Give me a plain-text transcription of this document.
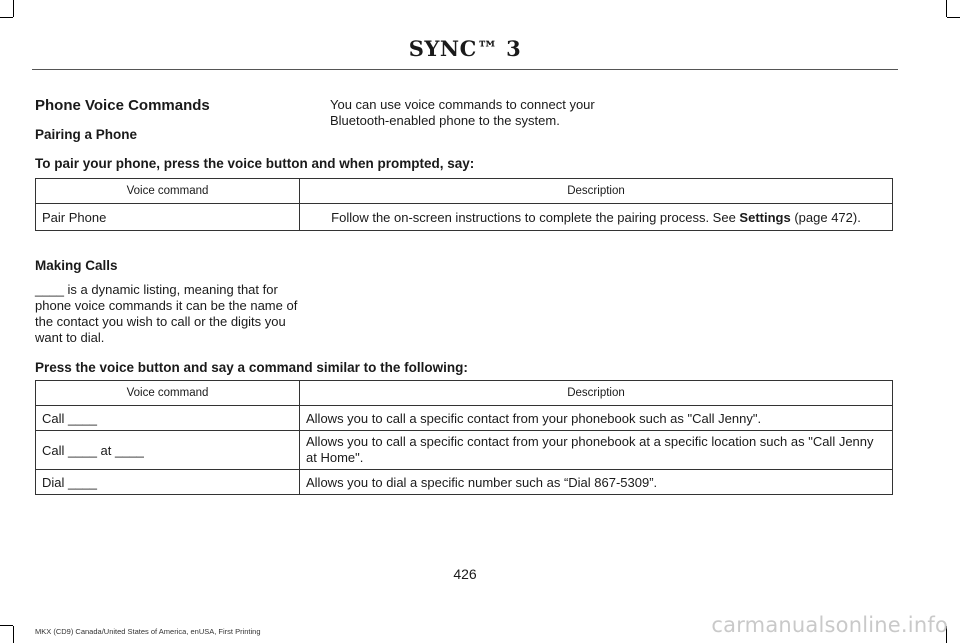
SYNC™ 3
Phone Voice Commands
Pairing a Phone
You can use voice commands to connect your Bluetooth-enabled phone to the system.
To pair your phone, press the voice button and when prompted, say:
Voice command	Description
Pair Phone	Follow the on-screen instructions to complete the pairing process. See Settings (page 472).
Making Calls
____ is a dynamic listing, meaning that for phone voice commands it can be the name of the contact you wish to call or the digits you want to dial.
Press the voice button and say a command similar to the following:
Voice command	Description
Call ____	Allows you to call a specific contact from your phonebook such as "Call Jenny".
Call ____ at ____	Allows you to call a specific contact from your phonebook at a specific location such as "Call Jenny at Home".
Dial ____	Allows you to dial a specific number such as “Dial 867-5309”.
426
MKX (CD9) Canada/United States of America, enUSA, First Printing	carmanualsonline.info
